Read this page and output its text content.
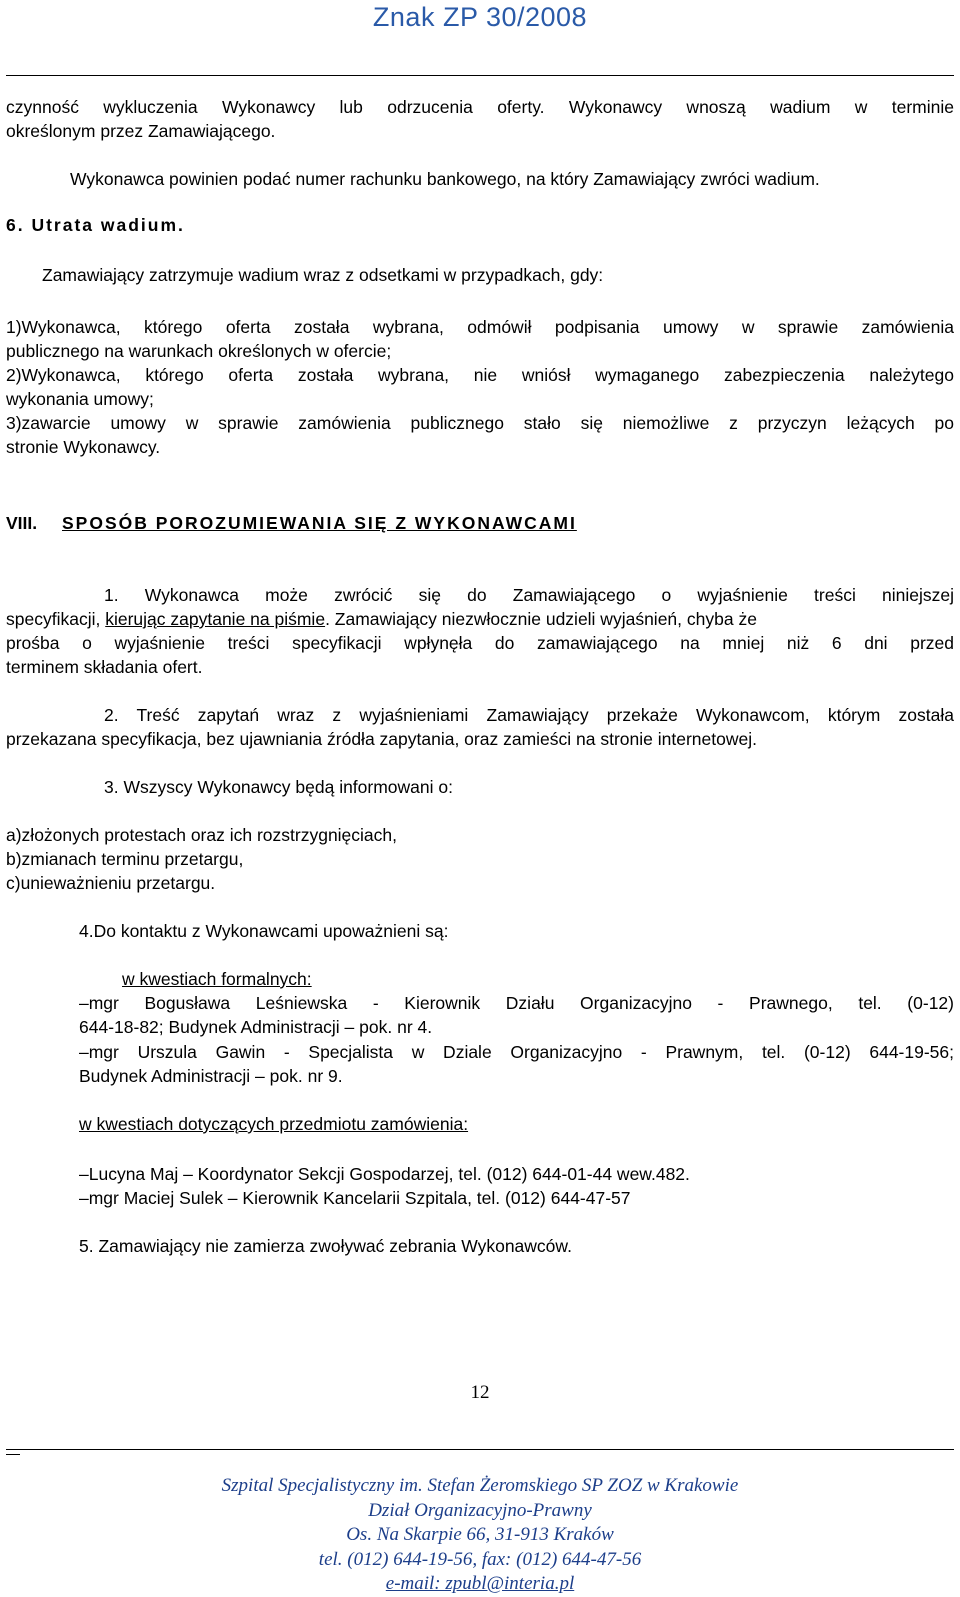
Znak ZP 30/2008

czynność wykluczenia Wykonawcy lub odrzucenia oferty. Wykonawcy wnoszą wadium w terminie

określonym przez Zamawiającego.

Wykonawca powinien podać numer rachunku bankowego, na który Zamawiający zwróci wadium.

6. Utrata wadium.

Zamawiający zatrzymuje wadium wraz z odsetkami w przypadkach, gdy:

1)Wykonawca, którego oferta została wybrana, odmówił podpisania umowy w sprawie zamówienia

publicznego na warunkach określonych w ofercie;

2)Wykonawca, którego oferta została wybrana, nie wniósł wymaganego zabezpieczenia należytego

wykonania umowy;

3)zawarcie umowy w sprawie zamówienia publicznego stało się niemożliwe z przyczyn leżących po

stronie Wykonawcy.

VIII. SPOSÓB POROZUMIEWANIA SIĘ Z WYKONAWCAMI

1. Wykonawca może zwrócić się do Zamawiającego o wyjaśnienie treści niniejszej

specyfikacji, kierując zapytanie na piśmie. Zamawiający niezwłocznie udzieli wyjaśnień, chyba że

prośba o wyjaśnienie treści specyfikacji wpłynęła do zamawiającego na mniej niż 6 dni przed

terminem składania ofert.

2. Treść zapytań wraz z wyjaśnieniami Zamawiający przekaże Wykonawcom, którym została

przekazana specyfikacja, bez ujawniania źródła zapytania, oraz zamieści na stronie internetowej.

3. Wszyscy Wykonawcy będą informowani o:

a)złożonych protestach oraz ich rozstrzygnięciach,

b)zmianach terminu przetargu,

c)unieważnieniu przetargu.

4.Do kontaktu z Wykonawcami upoważnieni są:

w kwestiach formalnych:

–mgr Bogusława Leśniewska - Kierownik Działu Organizacyjno - Prawnego, tel. (0-12)

644-18-82; Budynek Administracji – pok. nr 4.

–mgr Urszula Gawin - Specjalista w Dziale Organizacyjno - Prawnym, tel. (0-12) 644-19-56;

Budynek Administracji – pok. nr 9.

w kwestiach dotyczących przedmiotu zamówienia:

–Lucyna Maj – Koordynator Sekcji Gospodarzej, tel. (012) 644-01-44 wew.482.

–mgr Maciej Sulek – Kierownik Kancelarii Szpitala, tel. (012) 644-47-57

5. Zamawiający nie zamierza zwoływać zebrania Wykonawców.

12
Szpital Specjalistyczny im. Stefan Żeromskiego SP ZOZ w Krakowie
Dział Organizacyjno-Prawny
Os. Na Skarpie 66, 31-913 Kraków
tel. (012) 644-19-56, fax: (012) 644-47-56
e-mail: zpubl@interia.pl
